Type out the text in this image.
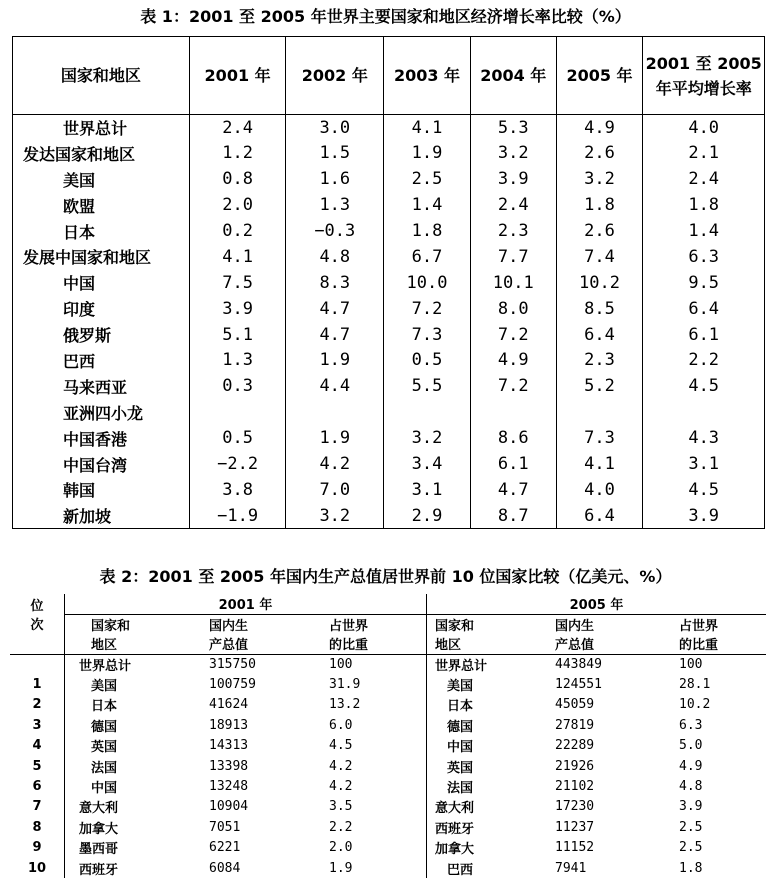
表 1：2001 至 2005 年世界主要国家和地区经济增长率比较（%）
国家和地区	2001 年	2002 年	2003 年	2004 年	2005 年	2001 至 2005 年平均增长率
世界总计	2.4	3.0	4.1	5.3	4.9	4.0
发达国家和地区	1.2	1.5	1.9	3.2	2.6	2.1
美国	0.8	1.6	2.5	3.9	3.2	2.4
欧盟	2.0	1.3	1.4	2.4	1.8	1.8
日本	0.2	−0.3	1.8	2.3	2.6	1.4
发展中国家和地区	4.1	4.8	6.7	7.7	7.4	6.3
中国	7.5	8.3	10.0	10.1	10.2	9.5
印度	3.9	4.7	7.2	8.0	8.5	6.4
俄罗斯	5.1	4.7	7.3	7.2	6.4	6.1
巴西	1.3	1.9	0.5	4.9	2.3	2.2
马来西亚	0.3	4.4	5.5	7.2	5.2	4.5
亚洲四小龙						
中国香港	0.5	1.9	3.2	8.6	7.3	4.3
中国台湾	−2.2	4.2	3.4	6.1	4.1	3.1
韩国	3.8	7.0	3.1	4.7	4.0	4.5
新加坡	−1.9	3.2	2.9	8.7	6.4	3.9
表 2：2001 至 2005 年国内生产总值居世界前 10 位国家比较（亿美元、%）
位	2001 年			2005 年		
次	国家和	国内生	占世界	国家和	国内生	占世界
	地区	产总值	的比重	地区	产总值	的比重
	世界总计	315750	100	世界总计	443849	100
1	美国	100759	31.9	美国	124551	28.1
2	日本	41624	13.2	日本	45059	10.2
3	德国	18913	6.0	德国	27819	6.3
4	英国	14313	4.5	中国	22289	5.0
5	法国	13398	4.2	英国	21926	4.9
6	中国	13248	4.2	法国	21102	4.8
7	意大利	10904	3.5	意大利	17230	3.9
8	加拿大	7051	2.2	西班牙	11237	2.5
9	墨西哥	6221	2.0	加拿大	11152	2.5
10	西班牙	6084	1.9	巴西	7941	1.8
